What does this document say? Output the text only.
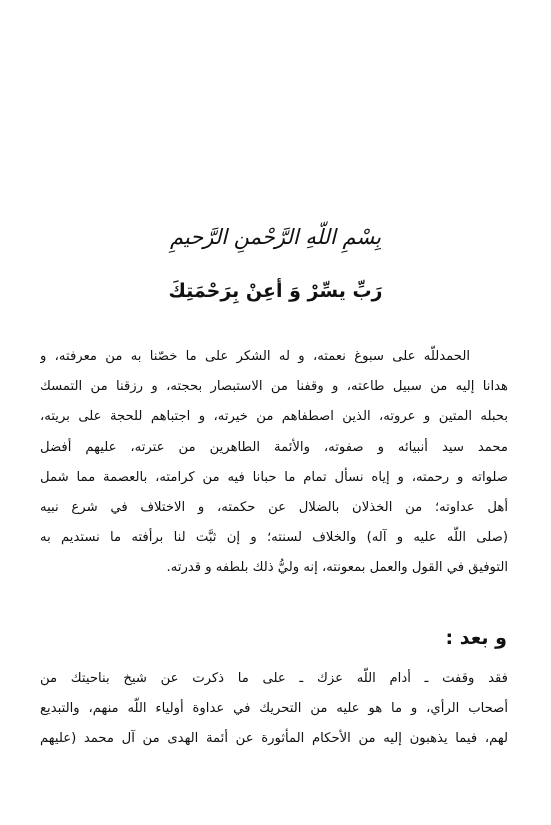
بِسْمِ اللّهِ الرَّحْمنِ الرَّحيمِ
رَبِّ يسِّرْ وَ أعِنْ بِرَحْمَتِكَ
الحمدللّه على سبوغ نعمته، و له الشكر على ما خصّنا به من معرفته، و
هدانا إليه من سبيل طاعته، و وقفنا من الاستبصار بحجته، و رزقنا من التمسك
بحبله المتين و عروته، الذين اصطفاهم من خيرته، و اجتباهم للحجة على بريته،
محمد سيد أنبيائه و صفوته، والأئمة الطاهرين من عترته، عليهم أفضل
صلواته و رحمته، و إياه نسأل تمام ما حبانا فيه من كرامته، بالعصمة مما شمل
أهل عداوته؛ من الخذلان بالضلال عن حكمته، و الاختلاف في شرع نبيه
(صلى اللّه عليه و آله) والخلاف لسنته؛ و إن ثبَّت لنا برأفته ما نستديم به
التوفيق في القول والعمل بمعونته، إنه وليُّ ذلك بلطفه و قدرته.
و بعد :
فقد وقفت ـ أدام اللّه عزك ـ على ما ذكرت عن شيخ بناحيتك من
أصحاب الرأي، و ما هو عليه من التحريك في عداوة أولياء اللّه منهم، والتبديع
لهم، فيما يذهبون إليه من الأحكام المأثورة عن أئمة الهدى من آل محمد (عليهم
